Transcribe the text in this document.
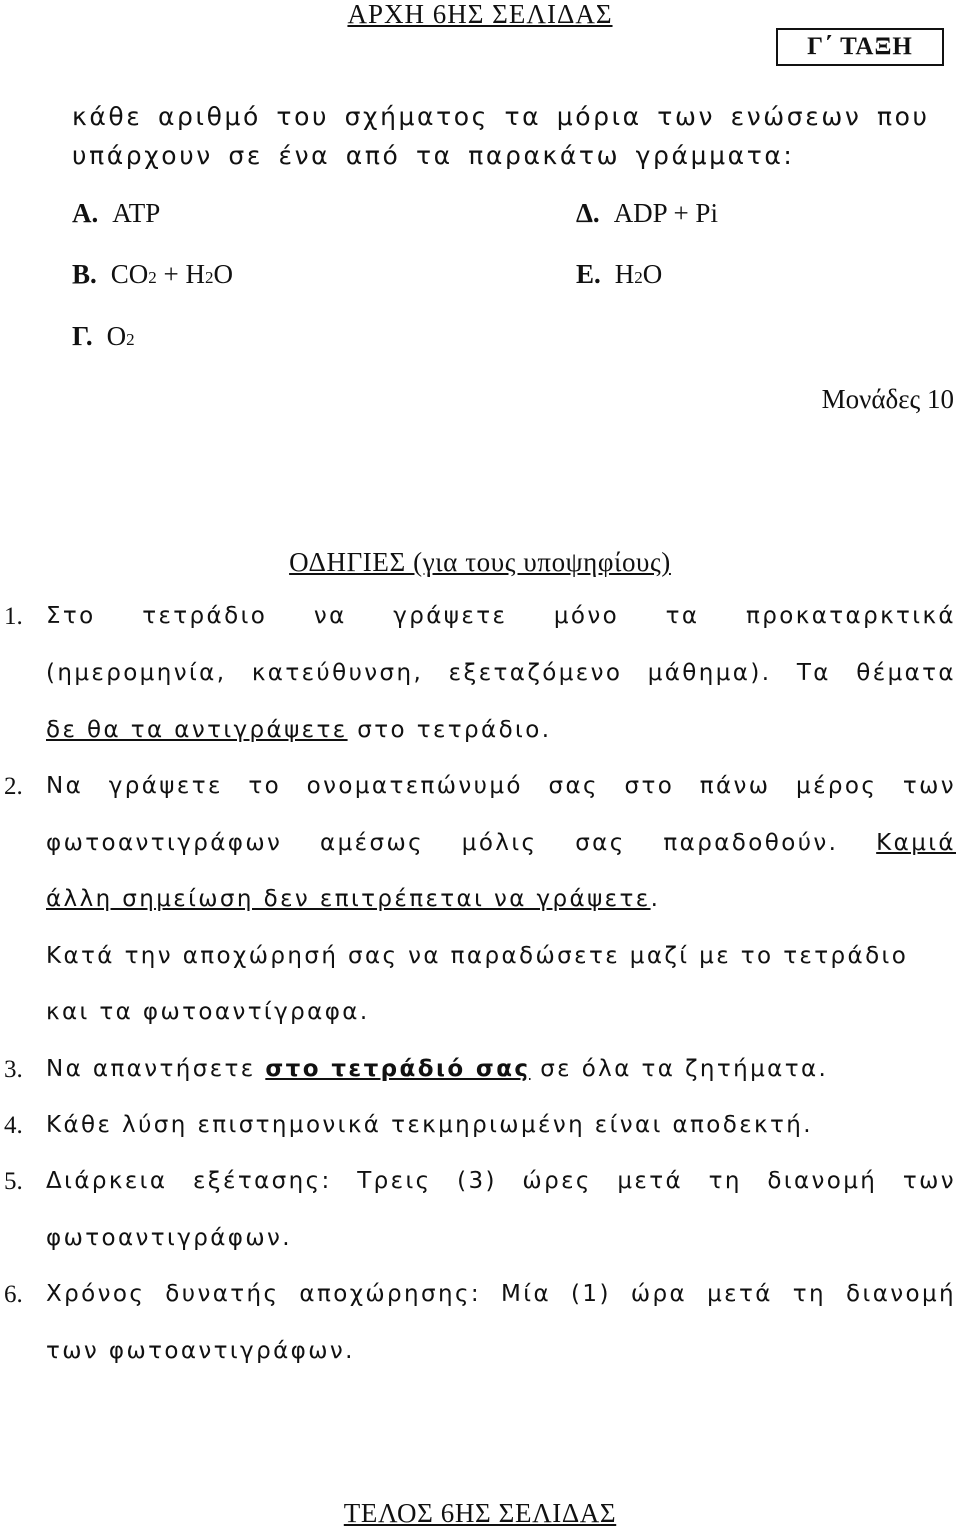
ΑΡΧΗ 6ΗΣ ΣΕΛΙΔΑΣ
Γ΄ ΤΑΞΗ
κάθε αριθμό του σχήματος τα μόρια των ενώσεων που
υπάρχουν σε ένα από τα παρακάτω γράμματα:
Α. ATP
Β. CO2 + H2O
Γ. O2
Δ. ADP + Pi
Ε. H2O
Μονάδες 10
ΟΔΗΓΙΕΣ (για τους υποψηφίους)
1. Στο τετράδιο να γράψετε μόνο τα προκαταρκτικά
(ημερομηνία, κατεύθυνση, εξεταζόμενο μάθημα). Τα θέματα
δε θα τα αντιγράψετε στο τετράδιο.
2. Να γράψετε το ονοματεπώνυμό σας στο πάνω μέρος των
φωτοαντιγράφων αμέσως μόλις σας παραδοθούν. Καμιά
άλλη σημείωση δεν επιτρέπεται να γράψετε.
Κατά την αποχώρησή σας να παραδώσετε μαζί με το τετράδιο
και τα φωτοαντίγραφα.
3. Να απαντήσετε στο τετράδιό σας σε όλα τα ζητήματα.
4. Κάθε λύση επιστημονικά τεκμηριωμένη είναι αποδεκτή.
5. Διάρκεια εξέτασης: Τρεις (3) ώρες μετά τη διανομή των
φωτοαντιγράφων.
6. Χρόνος δυνατής αποχώρησης: Μία (1) ώρα μετά τη διανομή
των φωτοαντιγράφων.
ΤΕΛΟΣ 6ΗΣ ΣΕΛΙΔΑΣ
